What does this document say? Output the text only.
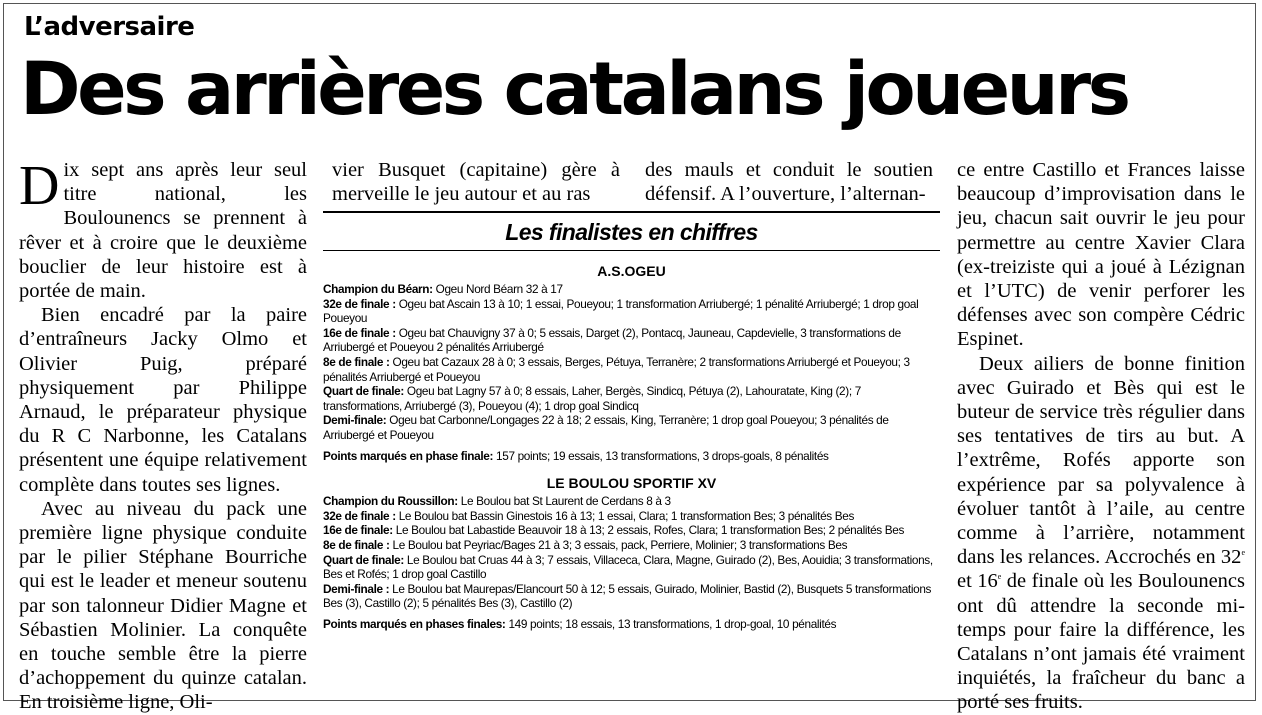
L’adversaire
Des arrières catalans joueurs

Dix sept ans après leur seul titre national, les Boulounencs se prennent à rêver et à croire que le deuxième bouclier de leur histoire est à portée de main.

Bien encadré par la paire d’entraîneurs Jacky Olmo et Olivier Puig, préparé physiquement par Philippe Arnaud, le préparateur physique du R C Narbonne, les Catalans présentent une équipe relativement complète dans toutes ses lignes.

Avec au niveau du pack une première ligne physique conduite par le pilier Stéphane Bourriche qui est le leader et meneur soutenu par son talonneur Didier Magne et Sébastien Molinier. La conquête en touche semble être la pierre d’achoppement du quinze catalan. En troisième ligne, Oli-

vier Busquet (capitaine) gère à merveille le jeu autour et au ras

des mauls et conduit le soutien défensif. A l’ouverture, l’alternan-

ce entre Castillo et Frances laisse beaucoup d’improvisation dans le jeu, chacun sait ouvrir le jeu pour permettre au centre Xavier Clara (ex-treiziste qui a joué à Lézignan et l’UTC) de venir perforer les défenses avec son compère Cédric Espinet.

Deux ailiers de bonne finition avec Guirado et Bès qui est le buteur de service très régulier dans ses tentatives de tirs au but. A l’extrême, Rofés apporte son expérience par sa polyvalence à évoluer tantôt à l’aile, au centre comme à l’arrière, notamment dans les relances. Accrochés en 32e et 16e de finale où les Boulounencs ont dû attendre la seconde mi-temps pour faire la différence, les Catalans n’ont jamais été vraiment inquiétés, la fraîcheur du banc a porté ses fruits.

Les finalistes en chiffres
A.S.OGEU
Champion du Béarn: Ogeu Nord Béarn 32 à 17
32e de finale : Ogeu bat Ascain 13 à 10; 1 essai, Poueyou; 1 transformation Arriubergé; 1 pénalité Arriubergé; 1 drop goal Poueyou
16e de finale : Ogeu bat Chauvigny 37 à 0; 5 essais, Darget (2), Pontacq, Jauneau, Capdevielle, 3 transformations de Arriubergé et Poueyou 2 pénalités Arriubergé
8e de finale : Ogeu bat Cazaux 28 à 0; 3 essais, Berges, Pétuya, Terranère; 2 transformations Arriubergé et Poueyou; 3 pénalités Arriubergé et Poueyou
Quart de finale: Ogeu bat Lagny 57 à 0; 8 essais, Laher, Bergès, Sindicq, Pétuya (2), Lahouratate, King (2); 7 transformations, Arriubergé (3), Poueyou (4); 1 drop goal Sindicq
Demi-finale: Ogeu bat Carbonne/Longages 22 à 18; 2 essais, King, Terranère; 1 drop goal Poueyou; 3 pénalités de Arriubergé et Poueyou
Points marqués en phase finale: 157 points; 19 essais, 13 transformations, 3 drops-goals, 8 pénalités
LE BOULOU SPORTIF XV
Champion du Roussillon: Le Boulou bat St Laurent de Cerdans 8 à 3
32e de finale : Le Boulou bat Bassin Ginestois 16 à 13; 1 essai, Clara; 1 transformation Bes; 3 pénalités Bes
16e de finale: Le Boulou bat Labastide Beauvoir 18 à 13; 2 essais, Rofes, Clara; 1 transformation Bes; 2 pénalités Bes
8e de finale : Le Boulou bat Peyriac/Bages 21 à 3; 3 essais, pack, Perriere, Molinier; 3 transformations Bes
Quart de finale: Le Boulou bat Cruas 44 à 3; 7 essais, Villaceca, Clara, Magne, Guirado (2), Bes, Aouidia; 3 transformations, Bes et Rofés; 1 drop goal Castillo
Demi-finale : Le Boulou bat Maurepas/Elancourt 50 à 12; 5 essais, Guirado, Molinier, Bastid (2), Busquets 5 transformations Bes (3), Castillo (2); 5 pénalités Bes (3), Castillo (2)
Points marqués en phases finales: 149 points; 18 essais, 13 transformations, 1 drop-goal, 10 pénalités
